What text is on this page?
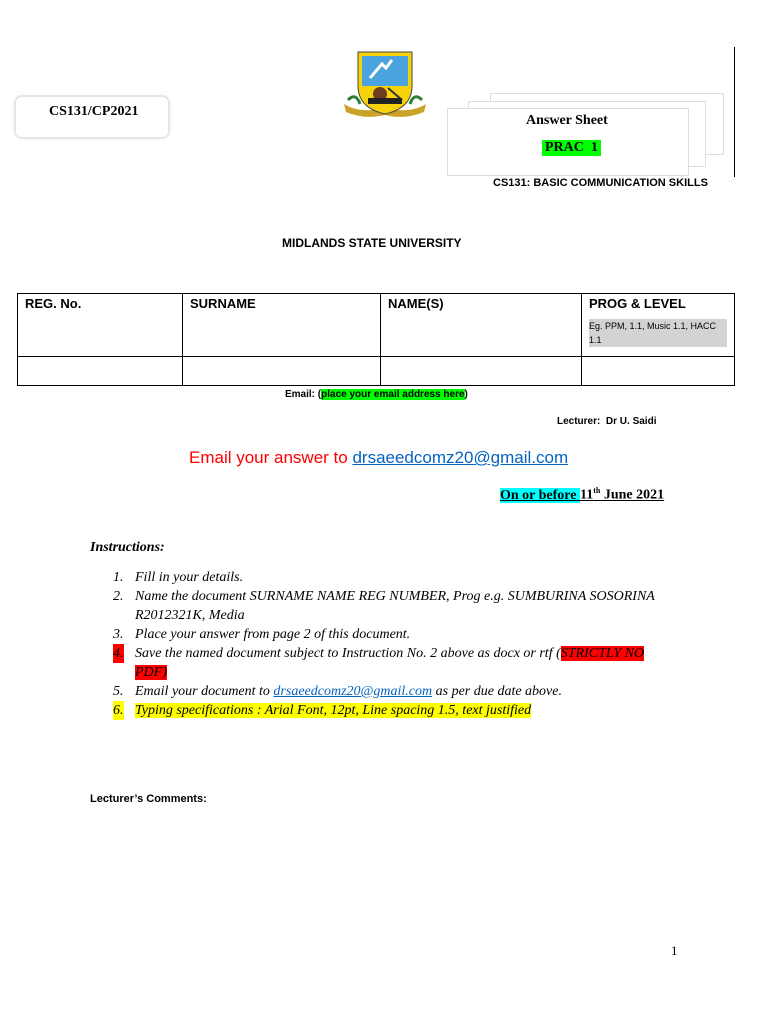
CS131/CP2021
Answer Sheet
PRAC  1
CS131: BASIC COMMUNICATION SKILLS
MIDLANDS STATE UNIVERSITY
REG. No.	SURNAME	NAME(S)	PROG & LEVEL
Eg. PPM, 1.1, Music 1.1, HACC 1.1

Email: (place your email address here)
Lecturer:  Dr U. Saidi
Email your answer to drsaeedcomz20@gmail.com
On or before 11th June 2021
Instructions:
1. Fill in your details.
2. Name the document SURNAME NAME REG NUMBER, Prog e.g. SUMBURINA SOSORINA R2012321K, Media
3. Place your answer from page 2 of this document.
4. Save the named document subject to Instruction No. 2 above as docx or rtf (STRICTLY NO PDF)
5. Email your document to drsaeedcomz20@gmail.com as per due date above.
6. Typing specifications : Arial Font, 12pt, Line spacing 1.5, text justified
Lecturer’s Comments:
1
